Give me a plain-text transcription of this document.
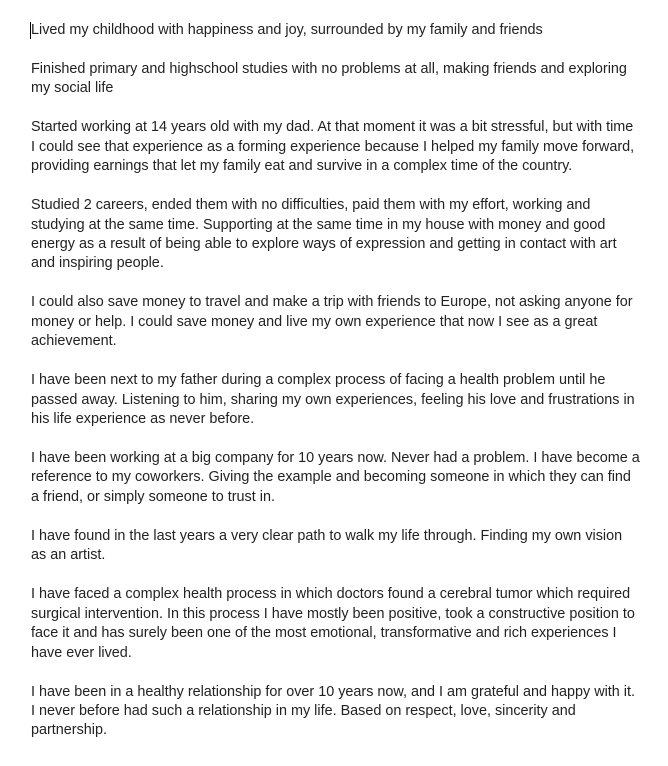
Lived my childhood with happiness and joy, surrounded by my family and friends

Finished primary and highschool studies with no problems at all, making friends and exploring my social life

Started working at 14 years old with my dad. At that moment it was a bit stressful, but with time I could see that experience as a forming experience because I helped my family move forward, providing earnings that let my family eat and survive in a complex time of the country.

Studied 2 careers, ended them with no difficulties, paid them with my effort, working and studying at the same time. Supporting at the same time in my house with money and good energy as a result of being able to explore ways of expression and getting in contact with art and inspiring people.

I could also save money to travel and make a trip with friends to Europe, not asking anyone for money or help. I could save money and live my own experience that now I see as a great achievement.

I have been next to my father during a complex process of facing a health problem until he passed away. Listening to him, sharing my own experiences, feeling his love and frustrations in his life experience as never before.

I have been working at a big company for 10 years now. Never had a problem. I have become a reference to my coworkers. Giving the example and becoming someone in which they can find a friend, or simply someone to trust in.

I have found in the last years a very clear path to walk my life through. Finding my own vision as an artist.

I have faced a complex health process in which doctors found a cerebral tumor which required surgical intervention. In this process I have mostly been positive, took a constructive position to face it and has surely been one of the most emotional, transformative and rich experiences I have ever lived.

I have been in a healthy relationship for over 10 years now, and I am grateful and happy with it. I never before had such a relationship in my life. Based on respect, love, sincerity and partnership.
